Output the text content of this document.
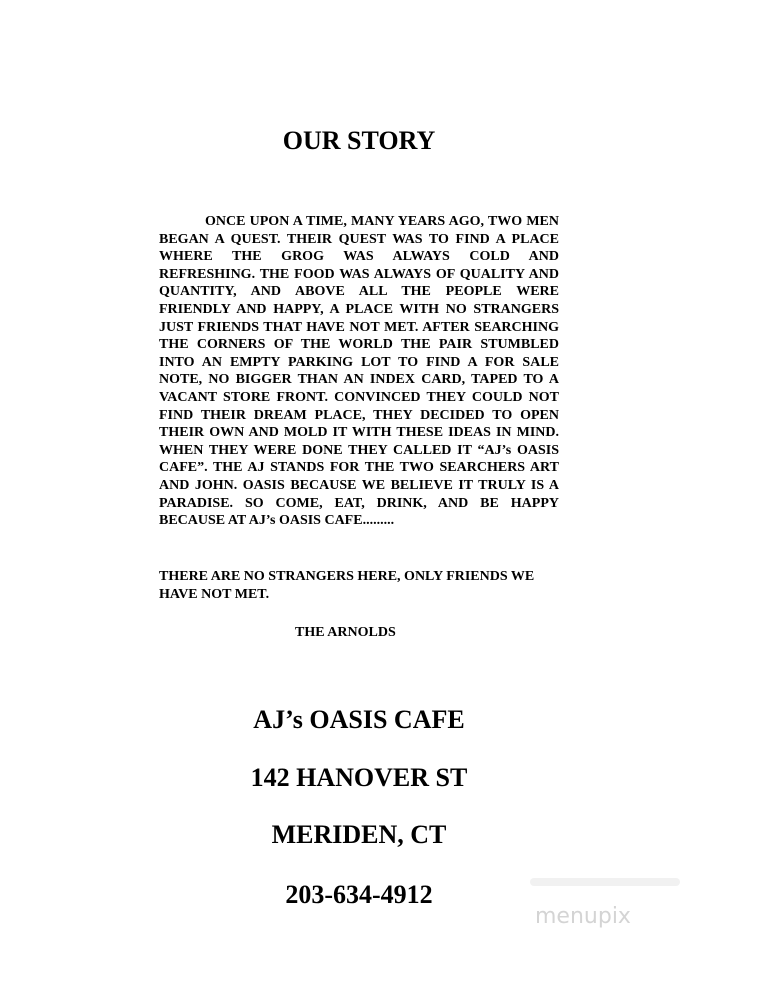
OUR STORY

ONCE UPON A TIME, MANY YEARS AGO, TWO MEN BEGAN A QUEST. THEIR QUEST WAS TO FIND A PLACE WHERE THE GROG WAS ALWAYS COLD AND REFRESHING. THE FOOD WAS ALWAYS OF QUALITY AND QUANTITY, AND ABOVE ALL THE PEOPLE WERE FRIENDLY AND HAPPY, A PLACE WITH NO STRANGERS JUST FRIENDS THAT HAVE NOT MET. AFTER SEARCHING THE CORNERS OF THE WORLD THE PAIR STUMBLED INTO AN EMPTY PARKING LOT TO FIND A FOR SALE NOTE, NO BIGGER THAN AN INDEX CARD, TAPED TO A VACANT STORE FRONT. CONVINCED THEY COULD NOT FIND THEIR DREAM PLACE, THEY DECIDED TO OPEN THEIR OWN AND MOLD IT WITH THESE IDEAS IN MIND. WHEN THEY WERE DONE THEY CALLED IT “AJ’s OASIS CAFE”. THE AJ STANDS FOR THE TWO SEARCHERS ART AND JOHN. OASIS BECAUSE WE BELIEVE IT TRULY IS A PARADISE. SO COME, EAT, DRINK, AND BE HAPPY BECAUSE AT AJ’s OASIS CAFE.........

THERE ARE NO STRANGERS HERE, ONLY FRIENDS WE HAVE NOT MET.

THE ARNOLDS

AJ’s OASIS CAFE

142 HANOVER ST

MERIDEN, CT

203-634-4912

menupix
